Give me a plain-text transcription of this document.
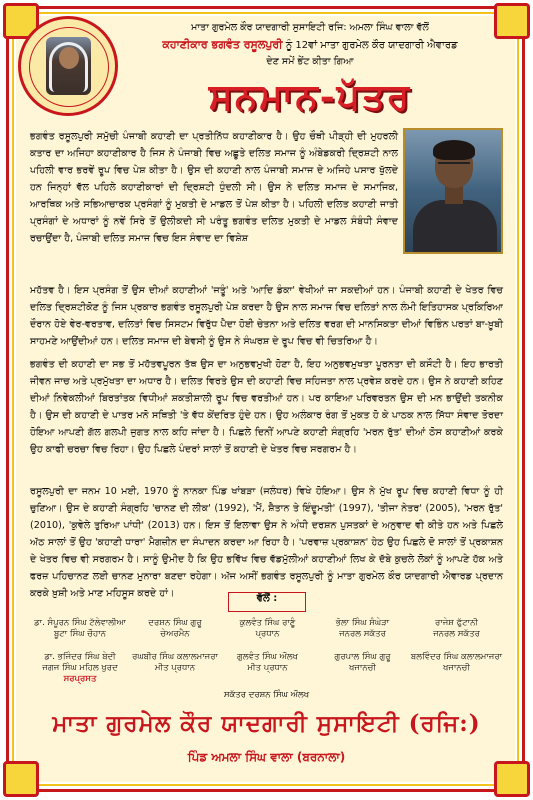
ਮਾਤਾ ਗੁਰਮੇਲ ਕੌਰ ਯਾਦਗਾਰੀ ਸੁਸਾਇਟੀ ਰਜਿ: ਅਮਲਾ ਸਿੰਘ ਵਾਲਾ ਵੱਲੋਂ
ਕਹਾਣੀਕਾਰ ਭਗਵੰਤ ਰਸੂਲਪੁਰੀ ਨੂੰ 12ਵਾਂ ਮਾਤਾ ਗੁਰਮੇਲ ਕੌਰ ਯਾਦਗਾਰੀ ਐਵਾਰਡ
ਦੇਣ ਸਮੇਂ ਭੇਂਟ ਕੀਤਾ ਗਿਆ
ਸਨਮਾਨ-ਪੱਤਰ
ਭਗਵੰਤ ਰਸੂਲਪੁਰੀ ਸਮੁੱਚੀ ਪੰਜਾਬੀ ਕਹਾਣੀ ਦਾ ਪ੍ਰਤੀਨਿੱਧ ਕਹਾਣੀਕਾਰ ਹੈ। ਉਹ ਚੌਥੀ ਪੀੜ੍ਹੀ ਦੀ ਮੁਹਰਲੀ ਕਤਾਰ ਦਾ ਅਜਿਹਾ ਕਹਾਣੀਕਾਰ ਹੈ ਜਿਸ ਨੇ ਪੰਜਾਬੀ ਵਿਚ ਅਛੂਤੇ ਦਲਿਤ ਸਮਾਜ ਨੂੰ ਅੰਬੇਡਕਰੀ ਦ੍ਰਿਸ਼ਟੀ ਨਾਲ ਪਹਿਲੀ ਵਾਰ ਭਰਵੇਂ ਰੂਪ ਵਿਚ ਪੇਸ਼ ਕੀਤਾ ਹੈ। ਉਸ ਦੀ ਕਹਾਣੀ ਨਾਲ ਪੰਜਾਬੀ ਸਮਾਜ ਦੇ ਅਜਿਹੇ ਪਸਾਰ ਖੁੱਲਦੇ ਹਨ ਜਿਨ੍ਹਾਂ ਵੱਲ ਪਹਿਲੇ ਕਹਾਣੀਕਾਰਾਂ ਦੀ ਦ੍ਰਿਸ਼ਟੀ ਧੁੰਦਲੀ ਸੀ। ਉਸ ਨੇ ਦਲਿਤ ਸਮਾਜ ਦੇ ਸਮਾਜਿਕ, ਆਰਥਿਕ ਅਤੇ ਸਭਿਆਚਾਰਕ ਪ੍ਰਸੰਗਾਂ ਨੂੰ ਮੁਕਤੀ ਦੇ ਮਾਡਲ ਤੋਂ ਪੇਸ਼ ਕੀਤਾ ਹੈ। ਪਹਿਲੀ ਦਲਿਤ ਕਹਾਣੀ ਜਾਤੀ ਪ੍ਰਸੰਗਾਂ ਦੇ ਅਧਾਰਾਂ ਨੂੰ ਨਵੇਂ ਸਿਰੇ ਤੋਂ ਉਲੀਕਦੀ ਸੀ ਪਰੰਤੂ ਭਗਵੰਤ ਦਲਿਤ ਮੁਕਤੀ ਦੇ ਮਾਡਲ ਸੰਬੰਧੀ ਸੰਵਾਦ ਰਚਾਉਂਦਾ ਹੈ, ਪੰਜਾਬੀ ਦਲਿਤ ਸਮਾਜ ਵਿਚ ਇਸ ਸੰਵਾਦ ਦਾ ਵਿਸ਼ੇਸ਼
ਮਹੱਤਵ ਹੈ। ਇਸ ਪ੍ਰਸੰਗ ਤੋਂ ਉਸ ਦੀਆਂ ਕਹਾਣੀਆਂ 'ਜਤੂੰ' ਅਤੇ 'ਆਦਿ ਡੰਕਾ' ਵੇਖੀਆਂ ਜਾ ਸਕਦੀਆਂ ਹਨ। ਪੰਜਾਬੀ ਕਹਾਣੀ ਦੇ ਖੇਤਰ ਵਿਚ ਦਲਿਤ ਦ੍ਰਿਸ਼ਟੀਕੋਣ ਨੂੰ ਜਿਸ ਪ੍ਰਕਾਰ ਭਗਵੰਤ ਰਸੂਲਪੁਰੀ ਪੇਸ਼ ਕਰਦਾ ਹੈ ਉਸ ਨਾਲ ਸਮਾਜ ਵਿਚ ਦਲਿਤਾਂ ਨਾਲ ਲੰਮੀ ਇਤਿਹਾਸਕ ਪ੍ਰਕਿਰਿਆ ਦੌਰਾਨ ਹੋਏ ਵੇਰ-ਵਰਤਾਵ, ਦਲਿਤਾਂ ਵਿਚ ਸਿਸਟਮ ਵਿਰੁੱਧ ਪੈਦਾ ਹੋਈ ਚੇਤਨਾ ਅਤੇ ਦਲਿਤ ਵਰਗ ਦੀ ਮਾਨਸਿਕਤਾ ਦੀਆਂ ਵਿਭਿੰਨ ਪਰਤਾਂ ਬਾ-ਖ਼ੂਬੀ ਸਾਹਮਣੇ ਆਉਂਦੀਆਂ ਹਨ। ਦਲਿਤ ਸਮਾਜ ਦੀ ਬੇਵਸੀ ਨੂੰ ਉਸ ਨੇ ਸੰਘਰਸ਼ ਦੇ ਰੂਪ ਵਿਚ ਵੀ ਚਿਤਰਿਆ ਹੈ।
ਭਗਵੰਤ ਦੀ ਕਹਾਣੀ ਦਾ ਸਭ ਤੋਂ ਮਹੱਤਵਪੂਰਨ ਤੱਥ ਉਸ ਦਾ ਅਨੁਭਵਮੁਖੀ ਹੋਣਾ ਹੈ, ਇਹ ਅਨੁਭਵਮੁਖਤਾ ਪੂਰਨਤਾ ਦੀ ਕਸੌਟੀ ਹੈ। ਇਹ ਭਾਰਤੀ ਜੀਵਨ ਜਾਚ ਅਤੇ ਪ੍ਰਮੁੱਖਤਾ ਦਾ ਅਧਾਰ ਹੈ। ਦਲਿਤ ਵਿਰਤੇ ਉਸ ਦੀ ਕਹਾਣੀ ਵਿਚ ਸਹਿਜਤਾ ਨਾਲ ਪ੍ਰਵੇਸ਼ ਕਰਦੇ ਹਨ। ਉਸ ਨੇ ਕਹਾਣੀ ਕਹਿਣ ਦੀਆਂ ਨਿਵੇਕਲੀਆਂ ਬਿਰਤਾਂਤਕ ਵਿਧੀਆਂ ਸ਼ਕਤੀਸ਼ਾਲੀ ਰੂਪ ਵਿਚ ਵਰਤੀਆਂ ਹਨ। ਪਰ ਕਾਇਆ ਪਰਿਵਰਤਨ ਉਸ ਦੀ ਮਨ ਭਾਉਂਦੀ ਤਕਨੀਕ ਹੈ। ਉਸ ਦੀ ਕਹਾਣੀ ਦੇ ਪਾਤਰ ਮਨੋ ਸਥਿਤੀ 'ਤੇ ਵੱਧ ਕੇਂਦਰਿਤ ਹੁੰਦੇ ਹਨ। ਉਹ ਅਲੰਕਾਰ ਰੰਗ ਤੋਂ ਮੁਕਤ ਹੋ ਕੇ ਪਾਠਕ ਨਾਲ ਸਿੱਧਾ ਸੰਵਾਦ ਤੋਰਦਾ ਹੋਇਆ ਆਪਣੀ ਗੱਲ ਗਲਪੀ ਜੁਗਤ ਨਾਲ ਕਹਿ ਜਾਂਦਾ ਹੈ। ਪਿਛਲੇ ਦਿਨੀਂ ਆਪਣੇ ਕਹਾਣੀ ਸੰਗ੍ਰਹਿ 'ਮਰਨ ਰੁੱਤ' ਦੀਆਂ ਠੋਸ ਕਹਾਣੀਆਂ ਕਰਕੇ ਉਹ ਕਾਫੀ ਚਰਚਾ ਵਿਚ ਰਿਹਾ। ਉਹ ਪਿਛਲੇ ਪੰਦਰਾਂ ਸਾਲਾਂ ਤੋਂ ਕਹਾਣੀ ਦੇ ਖੇਤਰ ਵਿਚ ਸਰਗਰਮ ਹੈ।
ਰਸੂਲਪੁਰੀ ਦਾ ਜਨਮ 10 ਮਈ, 1970 ਨੂੰ ਨਾਨਕਾ ਪਿੰਡ ਖਾਂਬੜਾ (ਜਲੰਧਰ) ਵਿਖੇ ਹੋਇਆ। ਉਸ ਨੇ ਮੁੱਖ ਰੂਪ ਵਿਚ ਕਹਾਣੀ ਵਿਧਾ ਨੂੰ ਹੀ ਚੁਣਿਆ। ਉਸ ਦੇ ਕਹਾਣੀ ਸੰਗ੍ਰਹਿ 'ਚਾਨਣ ਦੀ ਲੀਕ' (1992), 'ਮੈਂ, ਸ਼ੈਤਾਨ ਤੇ ਇੰਦੂਮਤੀ' (1997), 'ਤੀਜਾ ਨੇਤਰ' (2005), 'ਮਰਨ ਰੁੱਤ' (2010), 'ਕੁਵੇਲੇ ਤੁਰਿਆ ਪਾਂਧੀ' (2013) ਹਨ। ਇਸ ਤੋਂ ਇਲਾਵਾ ਉਸ ਨੇ ਅੰਧੀ ਦਰਸ਼ਨ ਪੁਸਤਕਾਂ ਦੇ ਅਨੁਵਾਦ ਵੀ ਕੀਤੇ ਹਨ ਅਤੇ ਪਿਛਲੇ ਅੱਠ ਸਾਲਾਂ ਤੋਂ ਉਹ 'ਕਹਾਣੀ ਧਾਰਾ' ਮੈਗਜ਼ੀਨ ਦਾ ਸੰਪਾਦਨ ਕਰਦਾ ਆ ਰਿਹਾ ਹੈ। 'ਪਰਵਾਜ਼ ਪ੍ਰਕਾਸ਼ਨ' ਹੇਠ ਉਹ ਪਿਛਲੇ ਦੋ ਸਾਲਾਂ ਤੋਂ ਪ੍ਰਕਾਸ਼ਨ ਦੇ ਖੇਤਰ ਵਿਚ ਵੀ ਸਰਗਰਮ ਹੈ। ਸਾਨੂੰ ਉਮੀਦ ਹੈ ਕਿ ਉਹ ਭਵਿੱਖ ਵਿਚ ਵੱਡਮੁੱਲੀਆਂ ਕਹਾਣੀਆਂ ਲਿਖ ਕੇ ਦੱਬੇ ਕੁਚਲੇ ਲੋਕਾਂ ਨੂੰ ਆਪਣੇ ਹੱਕ ਅਤੇ ਫਰਜ਼ ਪਹਿਚਾਨਣ ਲਈ ਚਾਨਣ ਮੁਨਾਰਾ ਬਣਦਾ ਰਹੇਗਾ। ਅੱਜ ਅਸੀਂ ਭਗਵੰਤ ਰਸੂਲਪੁਰੀ ਨੂੰ ਮਾਤਾ ਗੁਰਮੇਲ ਕੌਰ ਯਾਦਗਾਰੀ ਐਵਾਰਡ ਪ੍ਰਦਾਨ ਕਰਕੇ ਖ਼ੁਸ਼ੀ ਅਤੇ ਮਾਣ ਮਹਿਸੂਸ ਕਰਦੇ ਹਾਂ।	ਵੱਲੋਂ :
ਡਾ. ਸੰਪੂਰਨ ਸਿੰਘ ਟੱਲੇਵਾਲੀਆ
ਬੂਟਾ ਸਿੰਘ ਚੌਹਾਨ
ਦਰਸ਼ਨ ਸਿੰਘ ਗੁਰੂ
ਚੇਅਰਮੈਨ
ਕੁਲਵੰਤ ਸਿੰਘ ਰਾਣੂੰ
ਪ੍ਰਧਾਨ
ਭੋਲਾ ਸਿੰਘ ਸੰਘੇੜਾ
ਜਨਰਲ ਸਕੱਤਰ
ਰਾਜੇਸ਼ ਫੁੱਟਾਨੀ
ਜਨਰਲ ਸਕੱਤਰ
ਡਾ. ਭਜਿੰਦਰ ਸਿੰਘ ਬੇਦੀ
ਜਗਜ ਸਿੰਘ ਮਹਿਲ ਖੁਰਦ
ਸਰਪ੍ਰਸਤ
ਰਘਬੀਰ ਸਿੰਘ ਕਲਾਲਮਾਜਰਾ
ਮੀਤ ਪ੍ਰਧਾਨ
ਗੁਲਵੰਤ ਸਿੰਘ ਔਲਖ
ਮੀਤ ਪ੍ਰਧਾਨ
ਗੁਰਪਾਲ ਸਿੰਘ ਗੁਰੂ
ਖਜਾਨਚੀ
ਬਲਵਿੰਦਰ ਸਿੰਘ ਕਲਾਲਮਾਜਰਾ
ਖਜਾਨਚੀ
ਸਕੱਤਰ ਦਰਸ਼ਨ ਸਿੰਘ ਔਲਖ
ਮਾਤਾ ਗੁਰਮੇਲ ਕੌਰ ਯਾਦਗਾਰੀ ਸੁਸਾਇਟੀ (ਰਜਿ:)
ਪਿੰਡ ਅਮਲਾ ਸਿੰਘ ਵਾਲਾ (ਬਰਨਾਲਾ)
